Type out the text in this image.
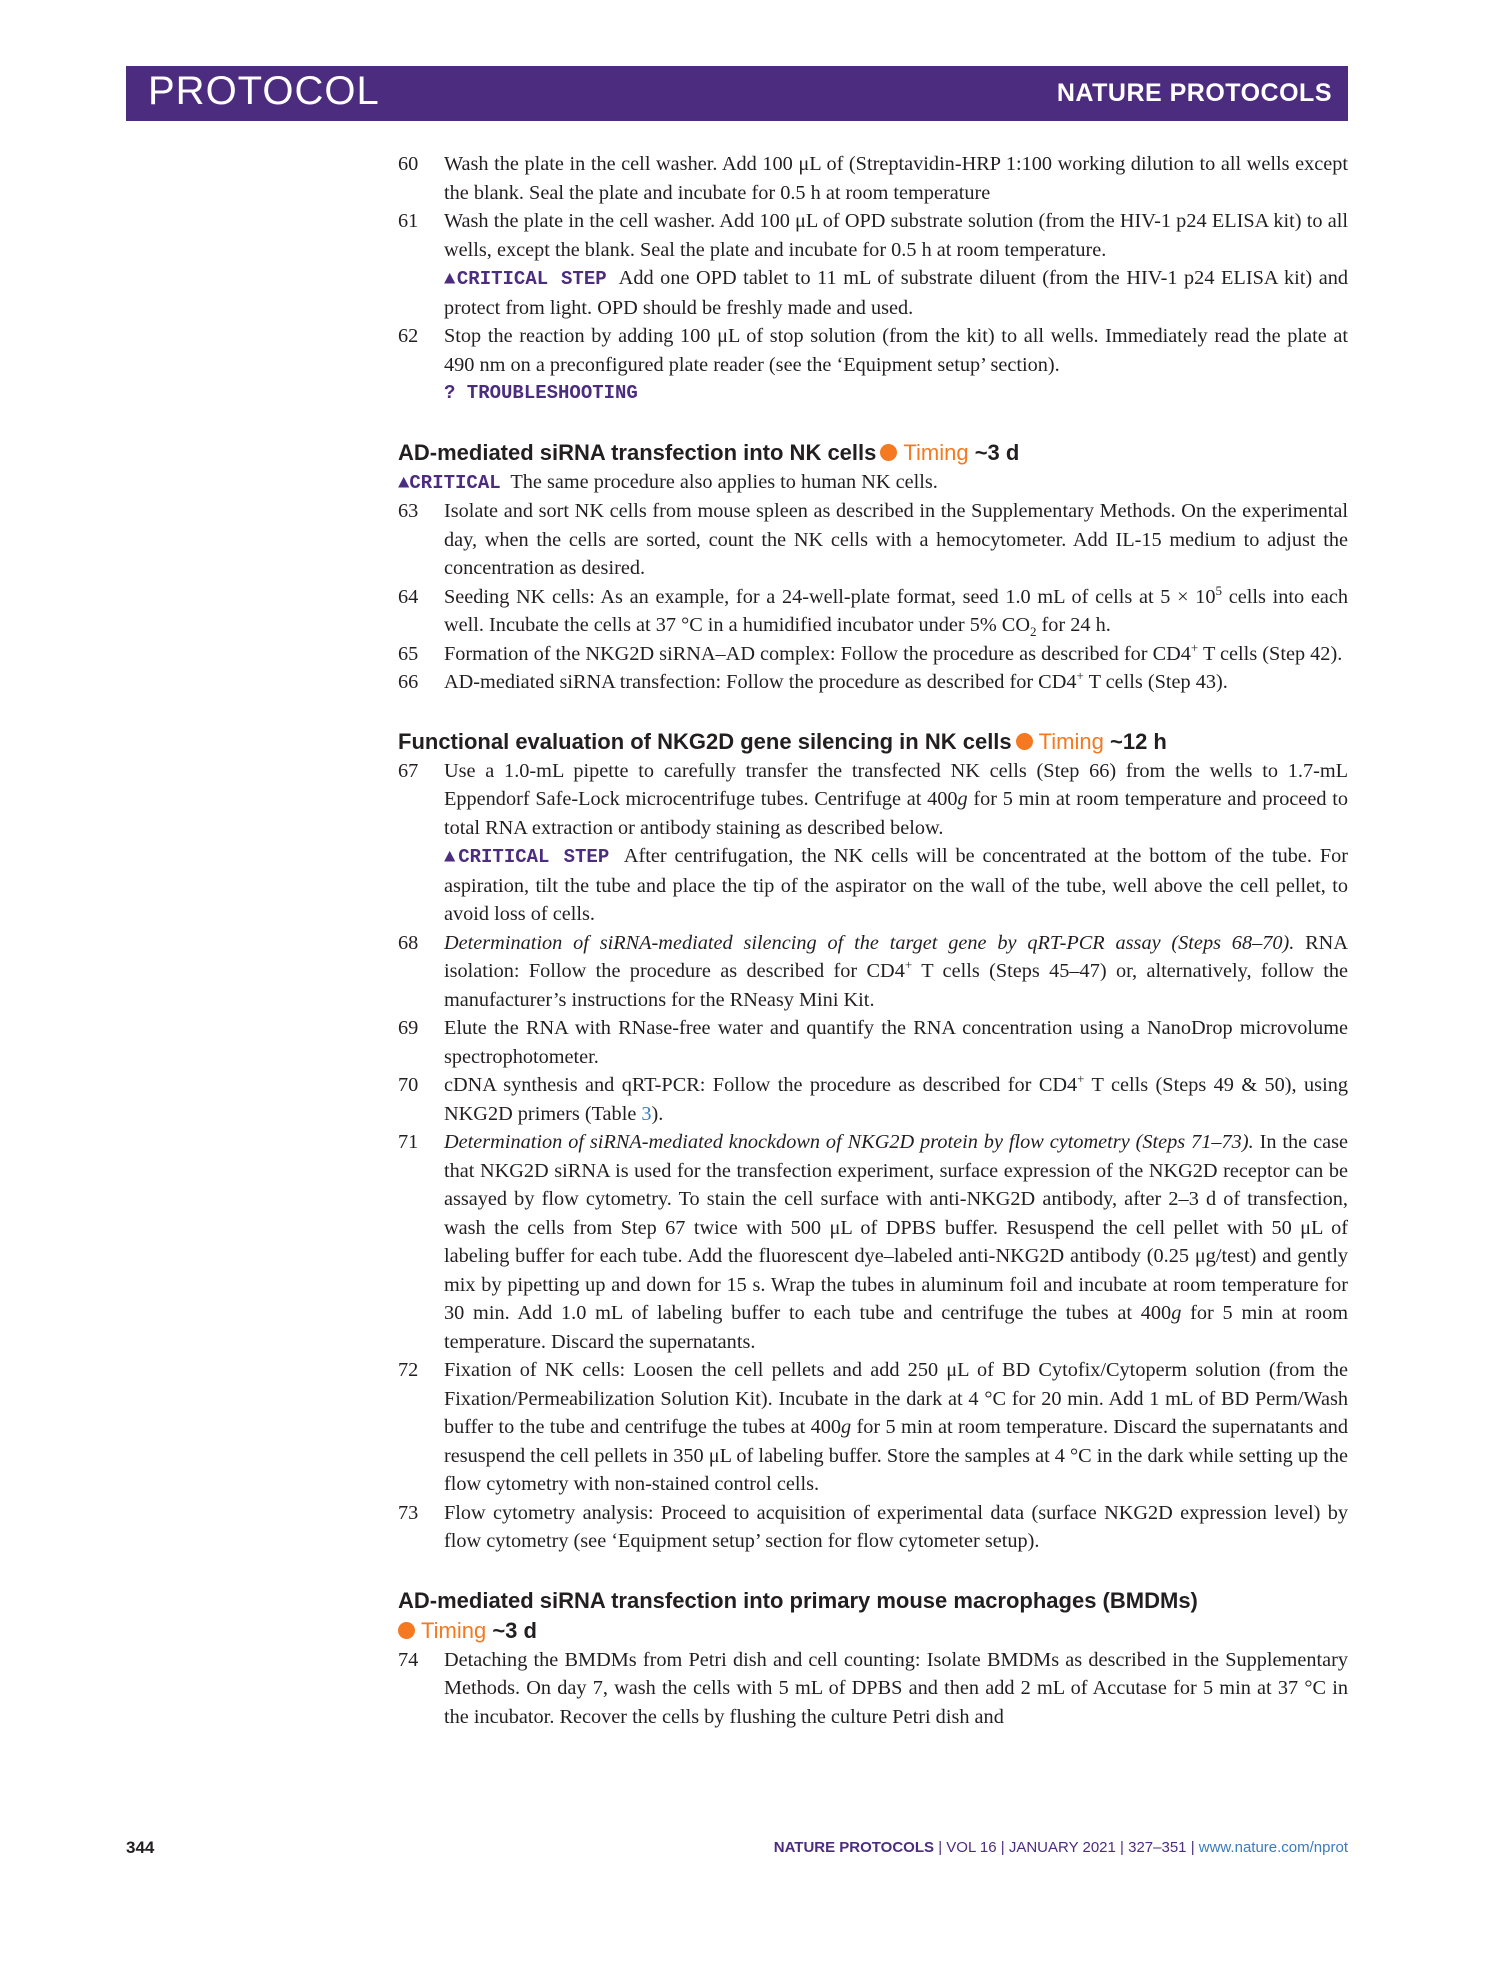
PROTOCOL	NATURE PROTOCOLS
60 Wash the plate in the cell washer. Add 100 μL of (Streptavidin-HRP 1:100 working dilution to all wells except the blank. Seal the plate and incubate for 0.5 h at room temperature
61 Wash the plate in the cell washer. Add 100 μL of OPD substrate solution (from the HIV-1 p24 ELISA kit) to all wells, except the blank. Seal the plate and incubate for 0.5 h at room temperature.
▲CRITICAL STEP Add one OPD tablet to 11 mL of substrate diluent (from the HIV-1 p24 ELISA kit) and protect from light. OPD should be freshly made and used.
62 Stop the reaction by adding 100 μL of stop solution (from the kit) to all wells. Immediately read the plate at 490 nm on a preconfigured plate reader (see the ‘Equipment setup’ section).
? TROUBLESHOOTING
AD-mediated siRNA transfection into NK cells Timing ~3 d
▲CRITICAL The same procedure also applies to human NK cells.
63 Isolate and sort NK cells from mouse spleen as described in the Supplementary Methods. On the experimental day, when the cells are sorted, count the NK cells with a hemocytometer. Add IL-15 medium to adjust the concentration as desired.
64 Seeding NK cells: As an example, for a 24-well-plate format, seed 1.0 mL of cells at $5 \times 10^5$ cells into each well. Incubate the cells at 37 °C in a humidified incubator under 5% $CO_2$ for 24 h.
65 Formation of the NKG2D siRNA–AD complex: Follow the procedure as described for CD4+ T cells (Step 42).
66 AD-mediated siRNA transfection: Follow the procedure as described for CD4+ T cells (Step 43).
Functional evaluation of NKG2D gene silencing in NK cells Timing ~12 h
67 Use a 1.0-mL pipette to carefully transfer the transfected NK cells (Step 66) from the wells to 1.7-mL Eppendorf Safe-Lock microcentrifuge tubes. Centrifuge at 400g for 5 min at room temperature and proceed to total RNA extraction or antibody staining as described below.
▲CRITICAL STEP After centrifugation, the NK cells will be concentrated at the bottom of the tube. For aspiration, tilt the tube and place the tip of the aspirator on the wall of the tube, well above the cell pellet, to avoid loss of cells.
68 Determination of siRNA-mediated silencing of the target gene by qRT-PCR assay (Steps 68–70). RNA isolation: Follow the procedure as described for CD4+ T cells (Steps 45–47) or, alternatively, follow the manufacturer’s instructions for the RNeasy Mini Kit.
69 Elute the RNA with RNase-free water and quantify the RNA concentration using a NanoDrop microvolume spectrophotometer.
70 cDNA synthesis and qRT-PCR: Follow the procedure as described for CD4+ T cells (Steps 49 & 50), using NKG2D primers (Table 3).
71 Determination of siRNA-mediated knockdown of NKG2D protein by flow cytometry (Steps 71–73). In the case that NKG2D siRNA is used for the transfection experiment, surface expression of the NKG2D receptor can be assayed by flow cytometry. To stain the cell surface with anti-NKG2D antibody, after 2–3 d of transfection, wash the cells from Step 67 twice with 500 μL of DPBS buffer. Resuspend the cell pellet with 50 μL of labeling buffer for each tube. Add the fluorescent dye–labeled anti-NKG2D antibody (0.25 μg/test) and gently mix by pipetting up and down for 15 s. Wrap the tubes in aluminum foil and incubate at room temperature for 30 min. Add 1.0 mL of labeling buffer to each tube and centrifuge the tubes at 400g for 5 min at room temperature. Discard the supernatants.
72 Fixation of NK cells: Loosen the cell pellets and add 250 μL of BD Cytofix/Cytoperm solution (from the Fixation/Permeabilization Solution Kit). Incubate in the dark at 4 °C for 20 min. Add 1 mL of BD Perm/Wash buffer to the tube and centrifuge the tubes at 400g for 5 min at room temperature. Discard the supernatants and resuspend the cell pellets in 350 μL of labeling buffer. Store the samples at 4 °C in the dark while setting up the flow cytometry with non-stained control cells.
73 Flow cytometry analysis: Proceed to acquisition of experimental data (surface NKG2D expression level) by flow cytometry (see ‘Equipment setup’ section for flow cytometer setup).
AD-mediated siRNA transfection into primary mouse macrophages (BMDMs)
Timing ~3 d
74 Detaching the BMDMs from Petri dish and cell counting: Isolate BMDMs as described in the Supplementary Methods. On day 7, wash the cells with 5 mL of DPBS and then add 2 mL of Accutase for 5 min at 37 °C in the incubator. Recover the cells by flushing the culture Petri dish and
344	NATURE PROTOCOLS | VOL 16 | JANUARY 2021 | 327–351 | www.nature.com/nprot
